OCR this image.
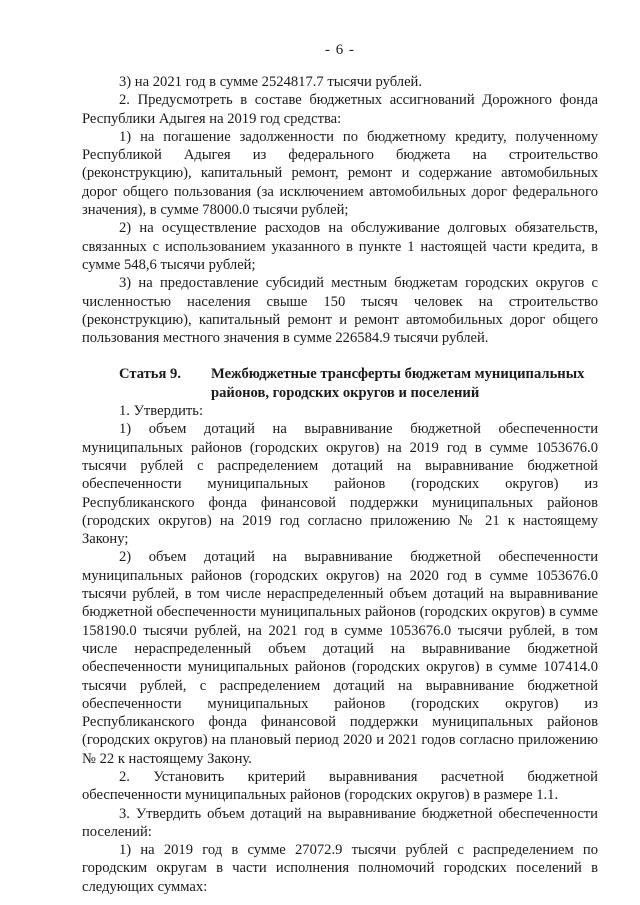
- 6 -

3) на 2021 год в сумме 2524817.7 тысячи рублей.

2. Предусмотреть в составе бюджетных ассигнований Дорожного фонда Республики Адыгея на 2019 год средства:

1) на погашение задолженности по бюджетному кредиту, полученному Республикой Адыгея из федерального бюджета на строительство (реконструкцию), капитальный ремонт, ремонт и содержание автомобильных дорог общего пользования (за исключением автомобильных дорог федерального значения), в сумме 78000.0 тысячи рублей;

2) на осуществление расходов на обслуживание долговых обязательств, связанных с использованием указанного в пункте 1 настоящей части кредита, в сумме 548,6 тысячи рублей;

3) на предоставление субсидий местным бюджетам городских округов с численностью населения свыше 150 тысяч человек на строительство (реконструкцию), капитальный ремонт и ремонт автомобильных дорог общего пользования местного значения в сумме 226584.9 тысячи рублей.

Статья 9.	Межбюджетные трансферты бюджетам муниципальных районов, городских округов и поселений

1. Утвердить:

1) объем дотаций на выравнивание бюджетной обеспеченности муниципальных районов (городских округов) на 2019 год в сумме 1053676.0 тысячи рублей с распределением дотаций на выравнивание бюджетной обеспеченности муниципальных районов (городских округов) из Республиканского фонда финансовой поддержки муниципальных районов (городских округов) на 2019 год согласно приложению № 21 к настоящему Закону;

2) объем дотаций на выравнивание бюджетной обеспеченности муниципальных районов (городских округов) на 2020 год в сумме 1053676.0 тысячи рублей, в том числе нераспределенный объем дотаций на выравнивание бюджетной обеспеченности муниципальных районов (городских округов) в сумме 158190.0 тысячи рублей, на 2021 год в сумме 1053676.0 тысячи рублей, в том числе нераспределенный объем дотаций на выравнивание бюджетной обеспеченности муниципальных районов (городских округов) в сумме 107414.0 тысячи рублей, с распределением дотаций на выравнивание бюджетной обеспеченности муниципальных районов (городских округов) из Республиканского фонда финансовой поддержки муниципальных районов (городских округов) на плановый период 2020 и 2021 годов согласно приложению № 22 к настоящему Закону.

2. Установить критерий выравнивания расчетной бюджетной обеспеченности муниципальных районов (городских округов) в размере 1.1.

3. Утвердить объем дотаций на выравнивание бюджетной обеспеченности поселений:

1) на 2019 год в сумме 27072.9 тысячи рублей с распределением по городским округам в части исполнения полномочий городских поселений в следующих суммах:
